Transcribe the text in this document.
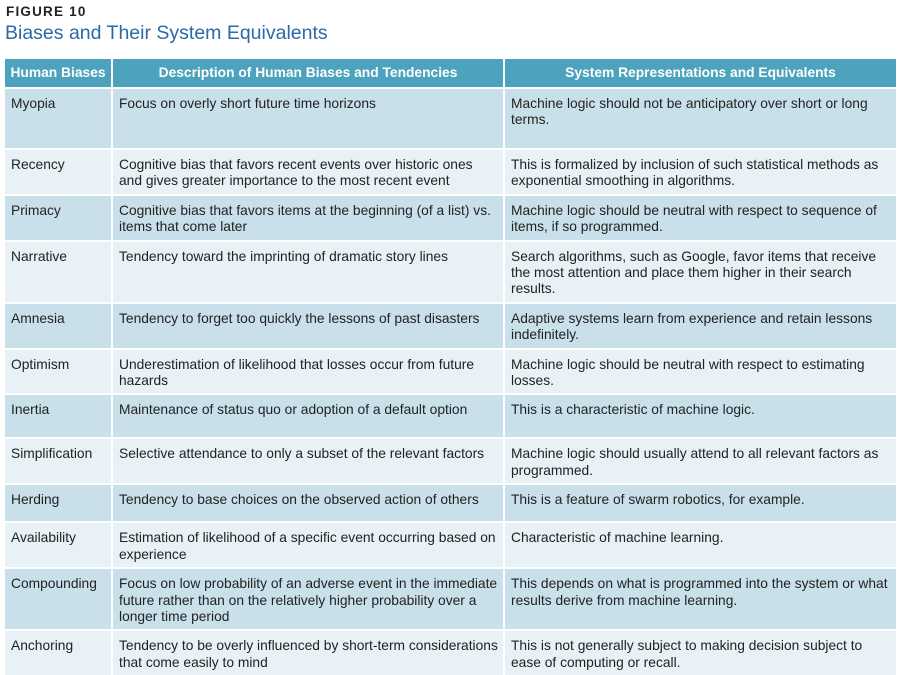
FIGURE 10
Biases and Their System Equivalents
Human Biases	Description of Human Biases and Tendencies	System Representations and Equivalents
Myopia	Focus on overly short future time horizons	Machine logic should not be anticipatory over short or long terms.
Recency	Cognitive bias that favors recent events over historic ones and gives greater importance to the most recent event	This is formalized by inclusion of such statistical methods as exponential smoothing in algorithms.
Primacy	Cognitive bias that favors items at the beginning (of a list) vs. items that come later	Machine logic should be neutral with respect to sequence of items, if so programmed.
Narrative	Tendency toward the imprinting of dramatic story lines	Search algorithms, such as Google, favor items that receive the most attention and place them higher in their search results.
Amnesia	Tendency to forget too quickly the lessons of past disasters	Adaptive systems learn from experience and retain lessons indefinitely.
Optimism	Underestimation of likelihood that losses occur from future hazards	Machine logic should be neutral with respect to estimating losses.
Inertia	Maintenance of status quo or adoption of a default option	This is a characteristic of machine logic.
Simplification	Selective attendance to only a subset of the relevant factors	Machine logic should usually attend to all relevant factors as programmed.
Herding	Tendency to base choices on the observed action of others	This is a feature of swarm robotics, for example.
Availability	Estimation of likelihood of a specific event occurring based on experience	Characteristic of machine learning.
Compounding	Focus on low probability of an adverse event in the immediate future rather than on the relatively higher probability over a longer time period	This depends on what is programmed into the system or what results derive from machine learning.
Anchoring	Tendency to be overly influenced by short-term considerations that come easily to mind	This is not generally subject to making decision subject to ease of computing or recall.
